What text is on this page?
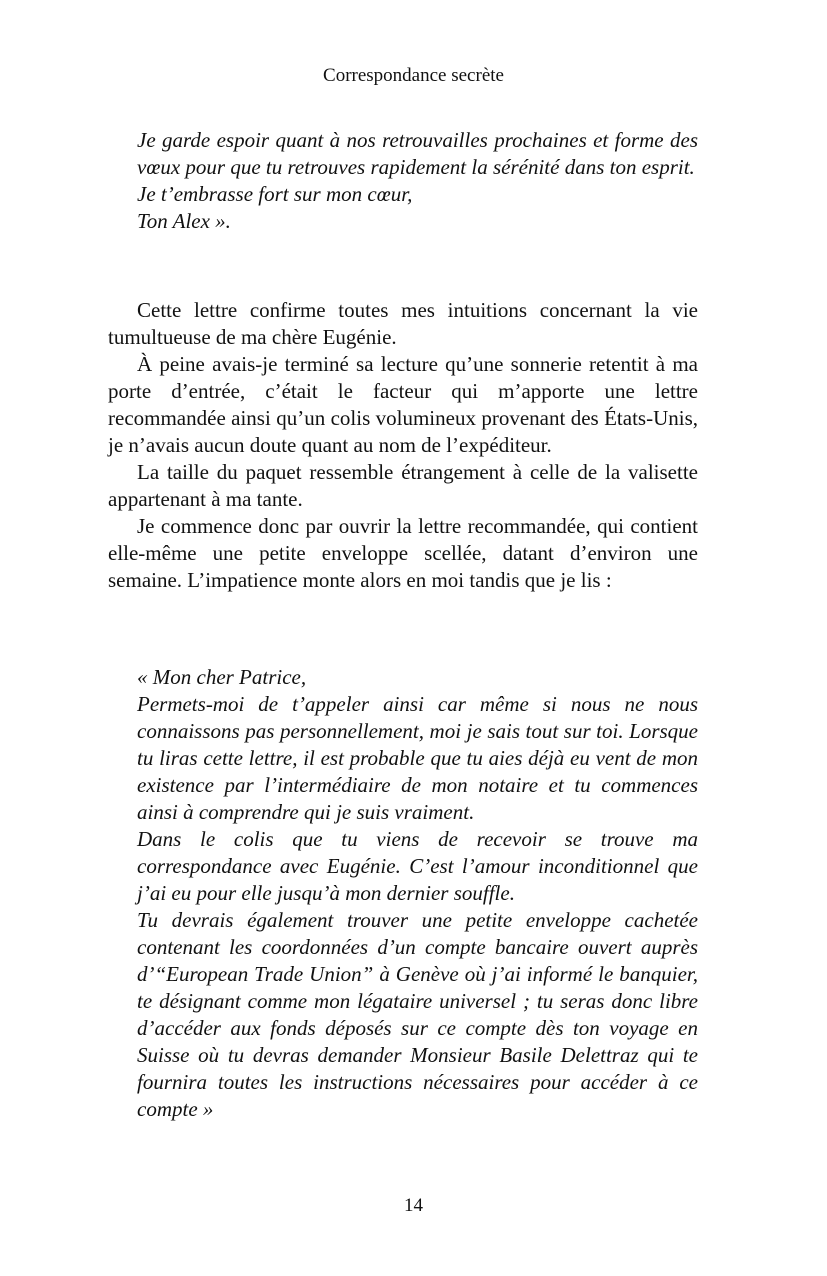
Correspondance secrète

Je garde espoir quant à nos retrouvailles prochaines et forme des vœux pour que tu retrouves rapidement la sérénité dans ton esprit.

Je t’embrasse fort sur mon cœur,

Ton Alex ».

Cette lettre confirme toutes mes intuitions concernant la vie tumultueuse de ma chère Eugénie.

À peine avais-je terminé sa lecture qu’une sonnerie retentit à ma porte d’entrée, c’était le facteur qui m’apporte une lettre recommandée ainsi qu’un colis volumineux provenant des États-Unis, je n’avais aucun doute quant au nom de l’expéditeur.

La taille du paquet ressemble étrangement à celle de la valisette appartenant à ma tante.

Je commence donc par ouvrir la lettre recommandée, qui contient elle-même une petite enveloppe scellée, datant d’environ une semaine. L’impatience monte alors en moi tandis que je lis :

« Mon cher Patrice,

Permets-moi de t’appeler ainsi car même si nous ne nous connaissons pas personnellement, moi je sais tout sur toi. Lorsque tu liras cette lettre, il est probable que tu aies déjà eu vent de mon existence par l’intermédiaire de mon notaire et tu commences ainsi à comprendre qui je suis vraiment.

Dans le colis que tu viens de recevoir se trouve ma correspondance avec Eugénie. C’est l’amour inconditionnel que j’ai eu pour elle jusqu’à mon dernier souffle.

Tu devrais également trouver une petite enveloppe cachetée contenant les coordonnées d’un compte bancaire ouvert auprès d’“European Trade Union” à Genève où j’ai informé le banquier, te désignant comme mon légataire universel ; tu seras donc libre d’accéder aux fonds déposés sur ce compte dès ton voyage en Suisse où tu devras demander Monsieur Basile Delettraz qui te fournira toutes les instructions nécessaires pour accéder à ce compte »

14
